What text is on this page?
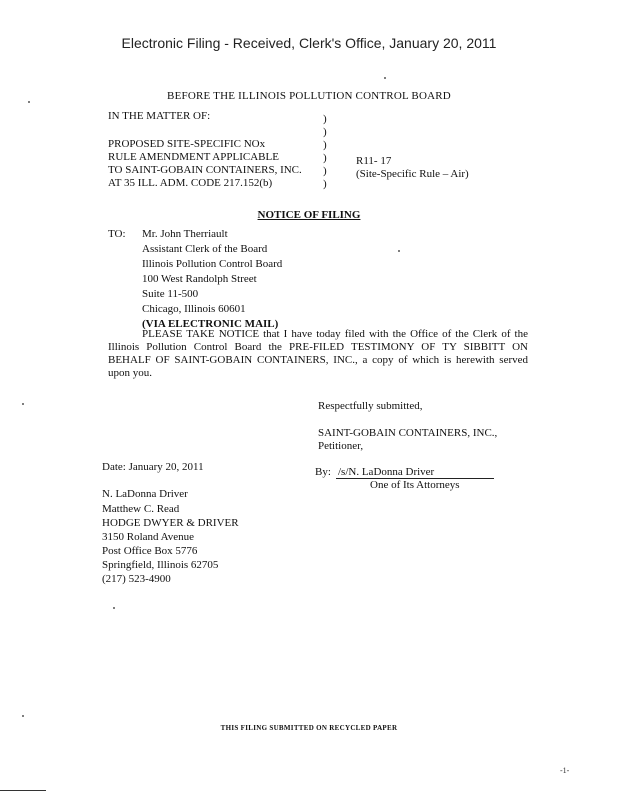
Electronic Filing - Received, Clerk's Office, January 20, 2011
BEFORE THE ILLINOIS POLLUTION CONTROL BOARD
IN THE MATTER OF:
PROPOSED SITE-SPECIFIC NOx
RULE AMENDMENT APPLICABLE
TO SAINT-GOBAIN CONTAINERS, INC.
AT 35 ILL. ADM. CODE 217.152(b)
)
)
)
)
)
)
R11- 17
(Site-Specific Rule – Air)
NOTICE OF FILING
TO: Mr. John Therriault
Assistant Clerk of the Board
Illinois Pollution Control Board
100 West Randolph Street
Suite 11-500
Chicago, Illinois 60601
(VIA ELECTRONIC MAIL)
PLEASE TAKE NOTICE that I have today filed with the Office of the Clerk of the Illinois Pollution Control Board the PRE-FILED TESTIMONY OF TY SIBBITT ON BEHALF OF SAINT-GOBAIN CONTAINERS, INC., a copy of which is herewith served upon you.
Respectfully submitted,
SAINT-GOBAIN CONTAINERS, INC.,
Petitioner,
Date: January 20, 2011	By: /s/N. LaDonna Driver
One of Its Attorneys
N. LaDonna Driver
Matthew C. Read
HODGE DWYER & DRIVER
3150 Roland Avenue
Post Office Box 5776
Springfield, Illinois 62705
(217) 523-4900
THIS FILING SUBMITTED ON RECYCLED PAPER
-1-
